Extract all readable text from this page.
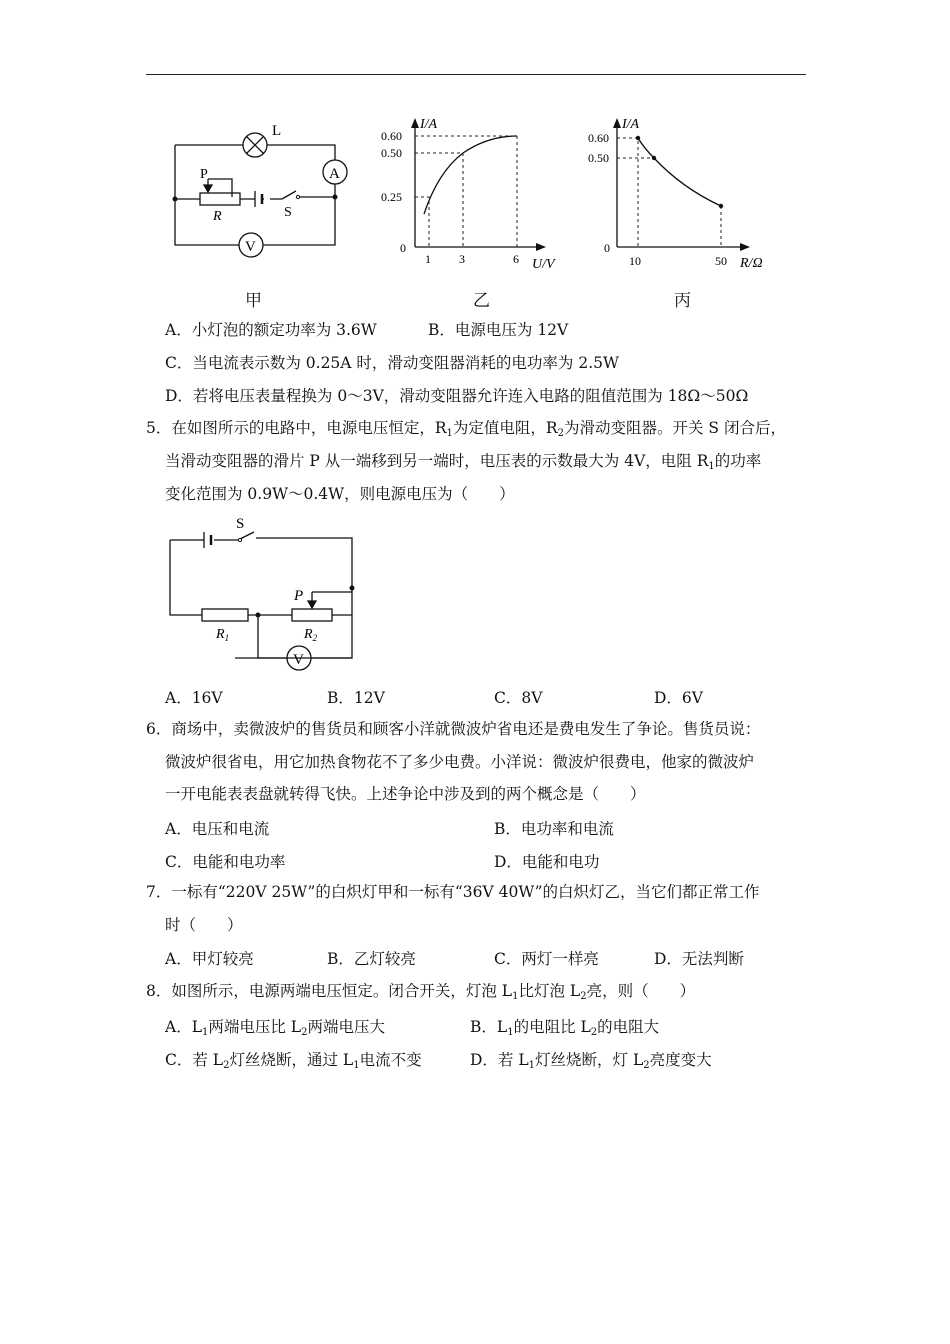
L
A
V
P
R	S
I/A
U/V
0.60
0.50
0.25
0
1 3	6
I/A
R/Ω
0.60
0.50
0
10	50
甲	乙	丙
A．小灯泡的额定功率为 3.6W	B．电源电压为 12V
C．当电流表示数为 0.25A 时，滑动变阻器消耗的电功率为 2.5W
D．若将电压表量程换为 0～3V，滑动变阻器允许连入电路的阻值范围为 18Ω～50Ω
5．在如图所示的电路中，电源电压恒定，$R_1$为定值电阻，$R_2$为滑动变阻器。开关 S 闭合后，
当滑动变阻器的滑片 P 从一端移到另一端时，电压表的示数最大为 4V，电阻 $R_1$的功率
变化范围为 0.9W～0.4W，则电源电压为（　　）
S
P
$R_1$	$R_2$
V
A．16V	B．12V	C．8V	D．6V
6．商场中，卖微波炉的售货员和顾客小洋就微波炉省电还是费电发生了争论。售货员说：
微波炉很省电，用它加热食物花不了多少电费。小洋说：微波炉很费电，他家的微波炉
一开电能表表盘就转得飞快。上述争论中涉及到的两个概念是（　　）
A．电压和电流	B．电功率和电流
C．电能和电功率	D．电能和电功
7．一标有“220V 25W”的白炽灯甲和一标有“36V 40W”的白炽灯乙，当它们都正常工作
时（　　）
A．甲灯较亮	B．乙灯较亮	C．两灯一样亮	D．无法判断
8．如图所示，电源两端电压恒定。闭合开关，灯泡 $L_1$比灯泡 $L_2$亮，则（　　）
A．$L_1$两端电压比 $L_2$两端电压大	B．$L_1$的电阻比 $L_2$的电阻大
C．若 $L_2$灯丝烧断，通过 $L_1$电流不变	D．若 $L_1$灯丝烧断，灯 $L_2$亮度变大
